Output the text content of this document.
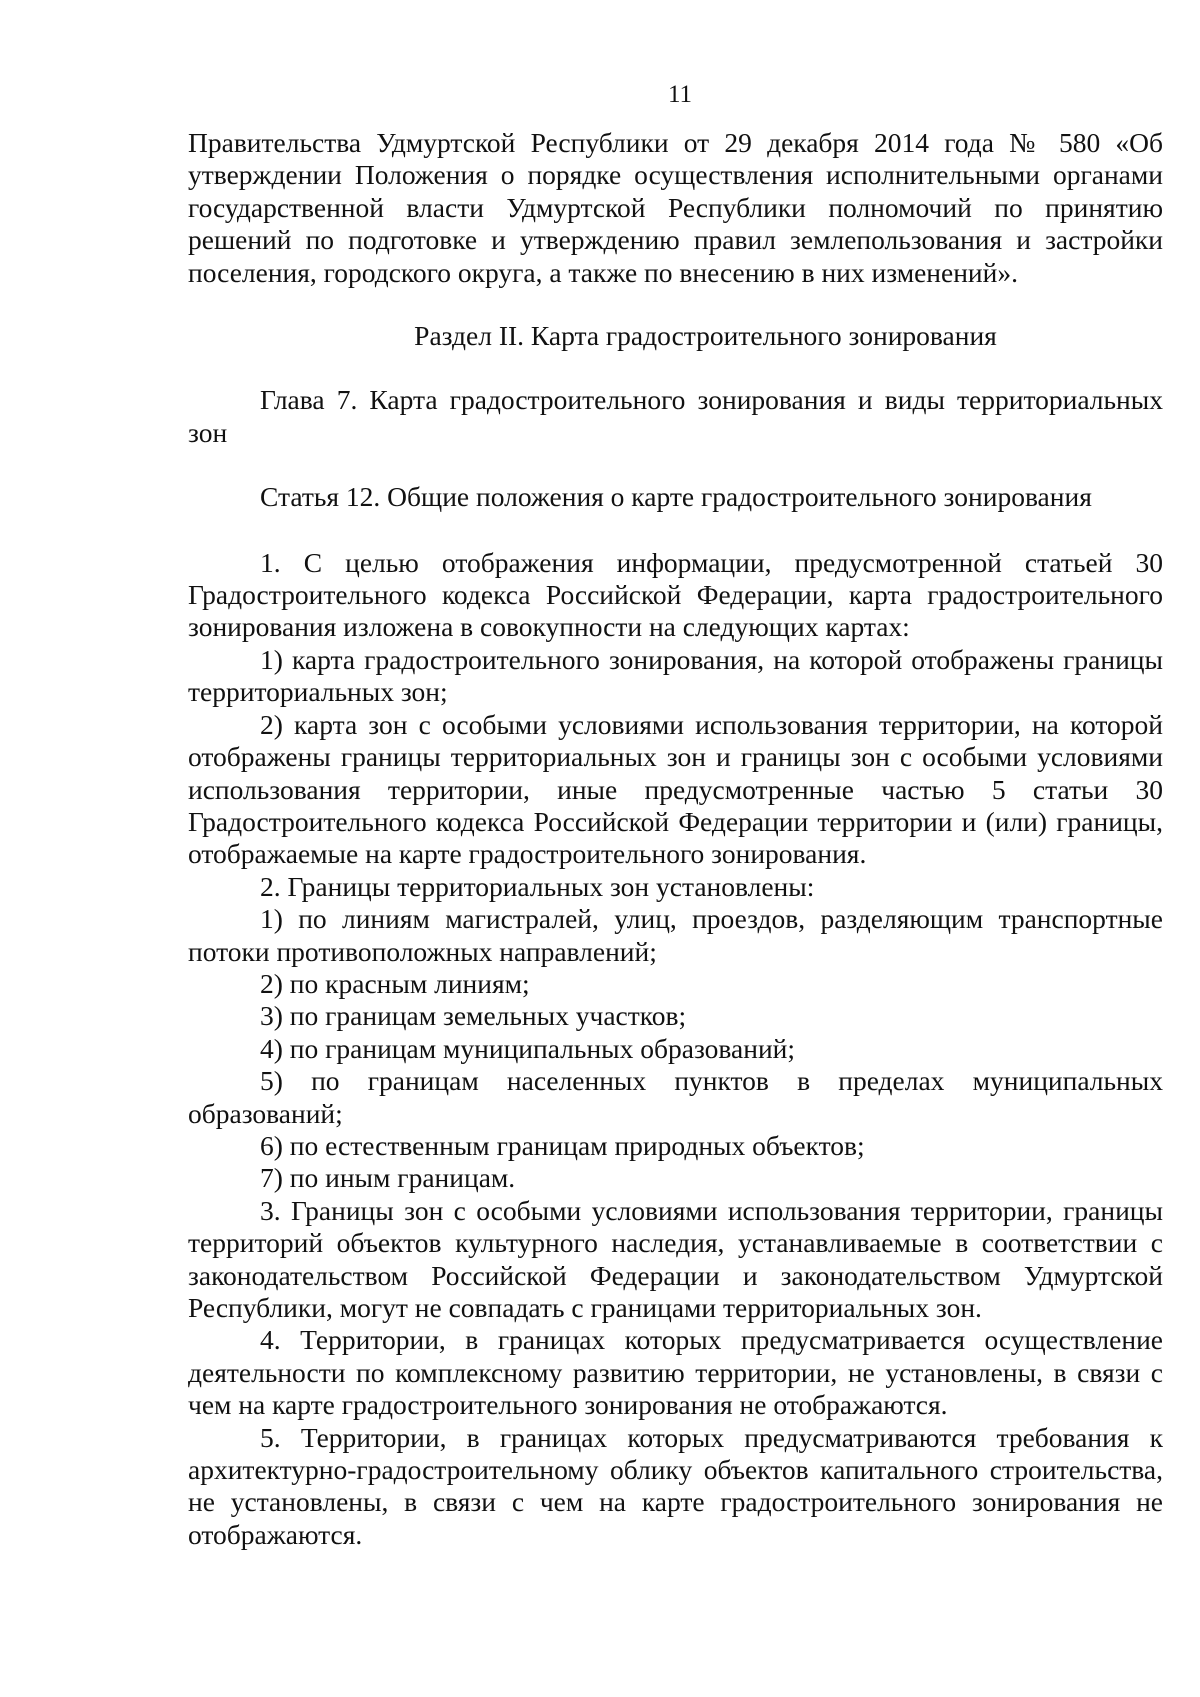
11

Правительства Удмуртской Республики от 29 декабря 2014 года № 580 «Об утверждении Положения о порядке осуществления исполнительными органами государственной власти Удмуртской Республики полномочий по принятию решений по подготовке и утверждению правил землепользования и застройки поселения, городского округа, а также по внесению в них изменений».

Раздел II. Карта градостроительного зонирования

Глава 7. Карта градостроительного зонирования и виды территориальных зон

Статья 12. Общие положения о карте градостроительного зонирования

1. С целью отображения информации, предусмотренной статьей 30 Градостроительного кодекса Российской Федерации, карта градостроительного зонирования изложена в совокупности на следующих картах:

1) карта градостроительного зонирования, на которой отображены границы территориальных зон;

2) карта зон с особыми условиями использования территории, на которой отображены границы территориальных зон и границы зон с особыми условиями использования территории, иные предусмотренные частью 5 статьи 30 Градостроительного кодекса Российской Федерации территории и (или) границы, отображаемые на карте градостроительного зонирования.

2. Границы территориальных зон установлены:

1) по линиям магистралей, улиц, проездов, разделяющим транспортные потоки противоположных направлений;

2) по красным линиям;

3) по границам земельных участков;

4) по границам муниципальных образований;

5) по границам населенных пунктов в пределах муниципальных образований;

6) по естественным границам природных объектов;

7) по иным границам.

3. Границы зон с особыми условиями использования территории, границы территорий объектов культурного наследия, устанавливаемые в соответствии с законодательством Российской Федерации и законодательством Удмуртской Республики, могут не совпадать с границами территориальных зон.

4. Территории, в границах которых предусматривается осуществление деятельности по комплексному развитию территории, не установлены, в связи с чем на карте градостроительного зонирования не отображаются.

5. Территории, в границах которых предусматриваются требования к архитектурно-градостроительному облику объектов капитального строительства, не установлены, в связи с чем на карте градостроительного зонирования не отображаются.
